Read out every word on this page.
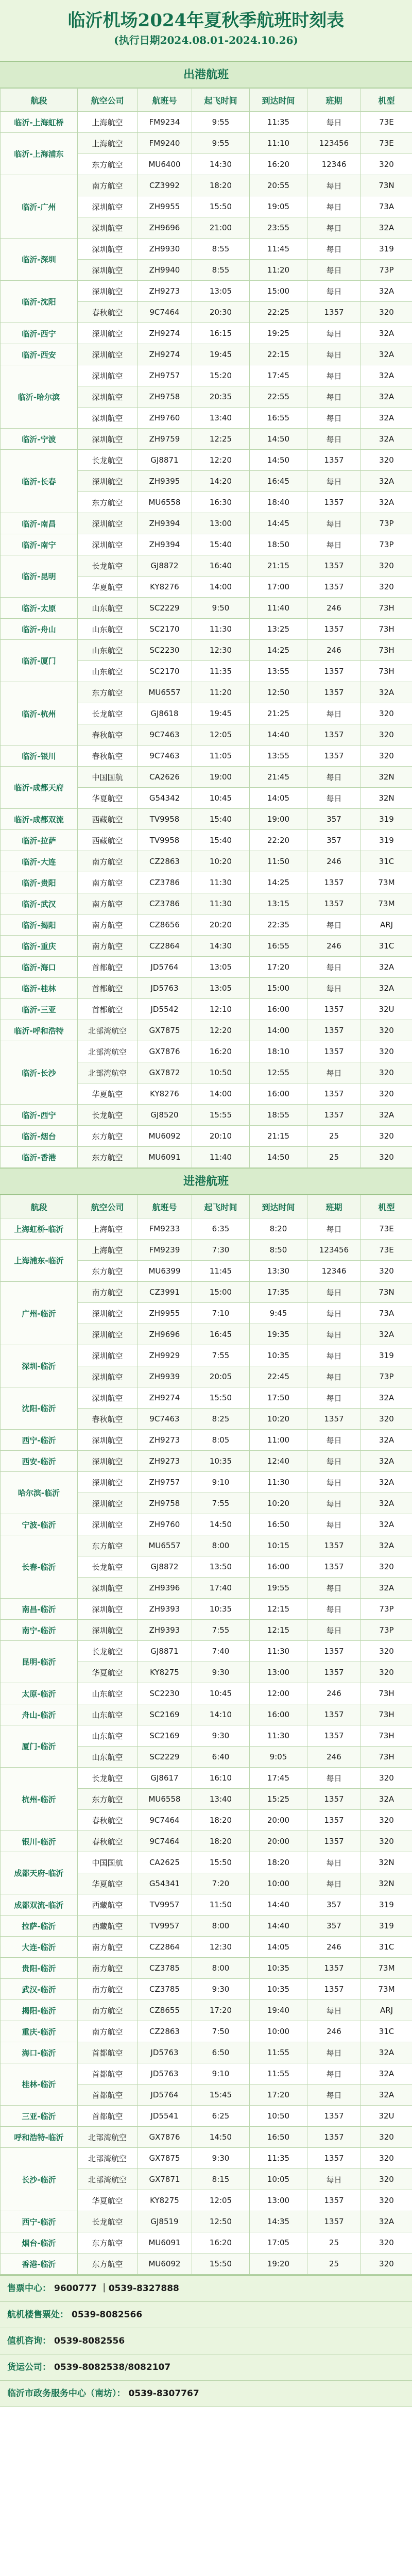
临沂机场2024年夏秋季航班时刻表
(执行日期2024.08.01-2024.10.26)
出港航班
航段	航空公司	航班号	起飞时间	到达时间	班期	机型
临沂-上海虹桥	上海航空	FM9234	9:55	11:35	每日	73E
临沂-上海浦东	上海航空	FM9240	9:55	11:10	123456	73E
	东方航空	MU6400	14:30	16:20	12346	320
临沂-广州	南方航空	CZ3992	18:20	20:55	每日	73N
	深圳航空	ZH9955	15:50	19:05	每日	73A
	深圳航空	ZH9696	21:00	23:55	每日	32A
临沂-深圳	深圳航空	ZH9930	8:55	11:45	每日	319
	深圳航空	ZH9940	8:55	11:20	每日	73P
临沂-沈阳	深圳航空	ZH9273	13:05	15:00	每日	32A
	春秋航空	9C7464	20:30	22:25	1357	320
临沂-西宁	深圳航空	ZH9274	16:15	19:25	每日	32A
临沂-西安	深圳航空	ZH9274	19:45	22:15	每日	32A
临沂-哈尔滨	深圳航空	ZH9757	15:20	17:45	每日	32A
	深圳航空	ZH9758	20:35	22:55	每日	32A
	深圳航空	ZH9760	13:40	16:55	每日	32A
临沂-宁波	深圳航空	ZH9759	12:25	14:50	每日	32A
临沂-长春	长龙航空	GJ8871	12:20	14:50	1357	320
	深圳航空	ZH9395	14:20	16:45	每日	32A
	东方航空	MU6558	16:30	18:40	1357	32A
临沂-南昌	深圳航空	ZH9394	13:00	14:45	每日	73P
临沂-南宁	深圳航空	ZH9394	15:40	18:50	每日	73P
临沂-昆明	长龙航空	GJ8872	16:40	21:15	1357	320
	华夏航空	KY8276	14:00	17:00	1357	320
临沂-太原	山东航空	SC2229	9:50	11:40	246	73H
临沂-舟山	山东航空	SC2170	11:30	13:25	1357	73H
临沂-厦门	山东航空	SC2230	12:30	14:25	246	73H
	山东航空	SC2170	11:35	13:55	1357	73H
临沂-杭州	东方航空	MU6557	11:20	12:50	1357	32A
	长龙航空	GJ8618	19:45	21:25	每日	320
	春秋航空	9C7463	12:05	14:40	1357	320
临沂-银川	春秋航空	9C7463	11:05	13:55	1357	320
临沂-成都天府	中国国航	CA2626	19:00	21:45	每日	32N
	华夏航空	G54342	10:45	14:05	每日	32N
临沂-成都双流	西藏航空	TV9958	15:40	19:00	357	319
临沂-拉萨	西藏航空	TV9958	15:40	22:20	357	319
临沂-大连	南方航空	CZ2863	10:20	11:50	246	31C
临沂-贵阳	南方航空	CZ3786	11:30	14:25	1357	73M
临沂-武汉	南方航空	CZ3786	11:30	13:15	1357	73M
临沂-揭阳	南方航空	CZ8656	20:20	22:35	每日	ARJ
临沂-重庆	南方航空	CZ2864	14:30	16:55	246	31C
临沂-海口	首都航空	JD5764	13:05	17:20	每日	32A
临沂-桂林	首都航空	JD5763	13:05	15:00	每日	32A
临沂-三亚	首都航空	JD5542	12:10	16:00	1357	32U
临沂-呼和浩特	北部湾航空	GX7875	12:20	14:00	1357	320
临沂-长沙	北部湾航空	GX7876	16:20	18:10	1357	320
	北部湾航空	GX7872	10:50	12:55	每日	320
	华夏航空	KY8276	14:00	16:00	1357	320
临沂-西宁	长龙航空	GJ8520	15:55	18:55	1357	32A
临沂-烟台	东方航空	MU6092	20:10	21:15	25	320
临沂-香港	东方航空	MU6091	11:40	14:50	25	320
进港航班
航段	航空公司	航班号	起飞时间	到达时间	班期	机型
上海虹桥-临沂	上海航空	FM9233	6:35	8:20	每日	73E
上海浦东-临沂	上海航空	FM9239	7:30	8:50	123456	73E
	东方航空	MU6399	11:45	13:30	12346	320
广州-临沂	南方航空	CZ3991	15:00	17:35	每日	73N
	深圳航空	ZH9955	7:10	9:45	每日	73A
	深圳航空	ZH9696	16:45	19:35	每日	32A
深圳-临沂	深圳航空	ZH9929	7:55	10:35	每日	319
	深圳航空	ZH9939	20:05	22:45	每日	73P
沈阳-临沂	深圳航空	ZH9274	15:50	17:50	每日	32A
	春秋航空	9C7463	8:25	10:20	1357	320
西宁-临沂	深圳航空	ZH9273	8:05	11:00	每日	32A
西安-临沂	深圳航空	ZH9273	10:35	12:40	每日	32A
哈尔滨-临沂	深圳航空	ZH9757	9:10	11:30	每日	32A
	深圳航空	ZH9758	7:55	10:20	每日	32A
宁波-临沂	深圳航空	ZH9760	14:50	16:50	每日	32A
长春-临沂	东方航空	MU6557	8:00	10:15	1357	32A
	长龙航空	GJ8872	13:50	16:00	1357	320
	深圳航空	ZH9396	17:40	19:55	每日	32A
南昌-临沂	深圳航空	ZH9393	10:35	12:15	每日	73P
南宁-临沂	深圳航空	ZH9393	7:55	12:15	每日	73P
昆明-临沂	长龙航空	GJ8871	7:40	11:30	1357	320
	华夏航空	KY8275	9:30	13:00	1357	320
太原-临沂	山东航空	SC2230	10:45	12:00	246	73H
舟山-临沂	山东航空	SC2169	14:10	16:00	1357	73H
厦门-临沂	山东航空	SC2169	9:30	11:30	1357	73H
	山东航空	SC2229	6:40	9:05	246	73H
杭州-临沂	长龙航空	GJ8617	16:10	17:45	每日	320
	东方航空	MU6558	13:40	15:25	1357	32A
	春秋航空	9C7464	18:20	20:00	1357	320
银川-临沂	春秋航空	9C7464	18:20	20:00	1357	320
成都天府-临沂	中国国航	CA2625	15:50	18:20	每日	32N
	华夏航空	G54341	7:20	10:00	每日	32N
成都双流-临沂	西藏航空	TV9957	11:50	14:40	357	319
拉萨-临沂	西藏航空	TV9957	8:00	14:40	357	319
大连-临沂	南方航空	CZ2864	12:30	14:05	246	31C
贵阳-临沂	南方航空	CZ3785	8:00	10:35	1357	73M
武汉-临沂	南方航空	CZ3785	9:30	10:35	1357	73M
揭阳-临沂	南方航空	CZ8655	17:20	19:40	每日	ARJ
重庆-临沂	南方航空	CZ2863	7:50	10:00	246	31C
海口-临沂	首都航空	JD5763	6:50	11:55	每日	32A
桂林-临沂	首都航空	JD5763	9:10	11:55	每日	32A
	首都航空	JD5764	15:45	17:20	每日	32A
三亚-临沂	首都航空	JD5541	6:25	10:50	1357	32U
呼和浩特-临沂	北部湾航空	GX7876	14:50	16:50	1357	320
长沙-临沂	北部湾航空	GX7875	9:30	11:35	1357	320
	北部湾航空	GX7871	8:15	10:05	每日	320
	华夏航空	KY8275	12:05	13:00	1357	320
西宁-临沂	长龙航空	GJ8519	12:50	14:35	1357	32A
烟台-临沂	东方航空	MU6091	16:20	17:05	25	320
香港-临沂	东方航空	MU6092	15:50	19:20	25	320
售票中心： 9600777 ｜0539-8327888
航机楼售票处： 0539-8082566
值机咨询： 0539-8082556
货运公司： 0539-8082538/8082107
临沂市政务服务中心（南坊）： 0539-8307767
